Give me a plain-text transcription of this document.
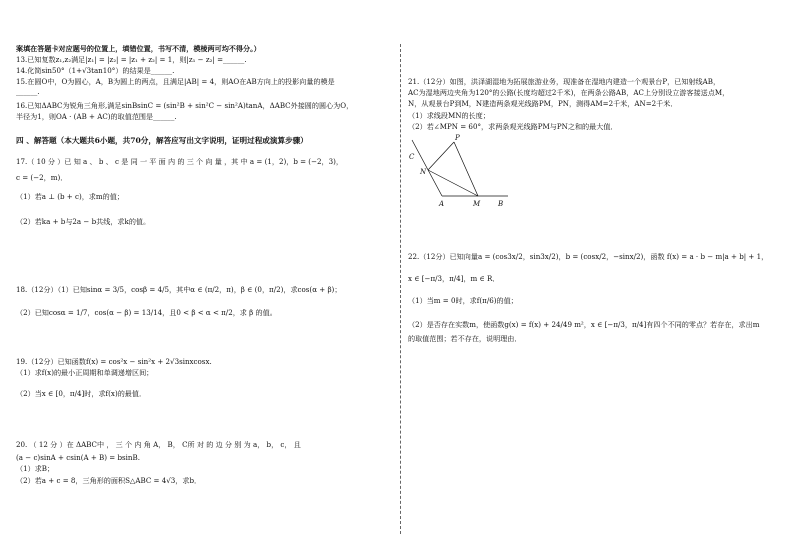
案填在答题卡对应题号的位置上，填错位置，书写不清，模棱两可均不得分。）
13.已知复数z₁,z₂满足|z₁| = |z₂| = |z₁ + z₂| = 1，则|z₁ − z₂| =______.
14.化简sin50°（1+√3tan10°）的结果是______.
15.在圆O中，O为圆心，A，B为圆上的两点，且满足|AB| = 4，则AO在AB方向上的投影向量的模是
______.
16.已知ΔABC为锐角三角形,满足sinBsinC = (sin²B + sin²C − sin²A)tanA，ΔABC外接圆的圆心为O，
半径为1，则OA · (AB + AC)的取值范围是______.
四 、解答题（本大题共6小题，共70分，解答应写出文字说明，证明过程或演算步骤）
17.（ 10 分 ）已 知 a 、 b 、 c 是 同 一 平 面 内 的 三 个 向 量 ，其 中 a = (1，2)，b = (−2，3)，
c = (−2，m)．
（1）若a ⊥ (b + c)，求m的值；
（2）若ka + b与2a − b共线，求k的值。
18.（12分）（1）已知sinα = 3/5，cosβ = 4/5，其中α ∈ (π/2，π)，β ∈ (0，π/2)，求cos(α + β)；
（2）已知cosα = 1/7，cos(α − β) = 13/14，且0 < β < α < π/2，求 β 的值。
19.（12分）已知函数f(x) = cos²x − sin²x + 2√3sinxcosx.
（1）求f(x)的最小正周期和单调递增区间；
（2）当x ∈ [0，π/4]时，求f(x)的最值．
20. （ 12 分 ）在 ΔABC中 ， 三 个 内 角 A， B， C所 对 的 边 分 别 为 a， b， c， 且
(a − c)sinA + csin(A + B) = bsinB.
（1）求B；
（2）若a + c = 8，三角形的面积S△ABC = 4√3，求b．
P
C
N
A	M	B
21.（12分）如图，洪泽湖湿地为拓展旅游业务，现准备在湿地内建造一个观景台P，已知射线AB，
AC为湿地两边夹角为120°的公路(长度均超过2千米)，在两条公路AB，AC上分别设立游客接送点M，
N，从观景台P到M，N建造两条观光线路PM，PN，测得AM=2千米，AN=2千米．
（1）求线段MN的长度；
（2）若∠MPN = 60°，求两条观光线路PM与PN之和的最大值．
22.（12分）已知向量a = (cos3x/2，sin3x/2)，b = (cosx/2，−sinx/2)，函数 f(x) = a · b − m|a + b| + 1，
x ∈ [−π/3，π/4]，m ∈ R．
（1）当m = 0时，求f(π/6)的值；
（2）是否存在实数m，使函数g(x) = f(x) + 24/49 m²，x ∈ [−π/3，π/4]有四个不同的零点？若存在，求出m
的取值范围；若不存在，说明理由．
